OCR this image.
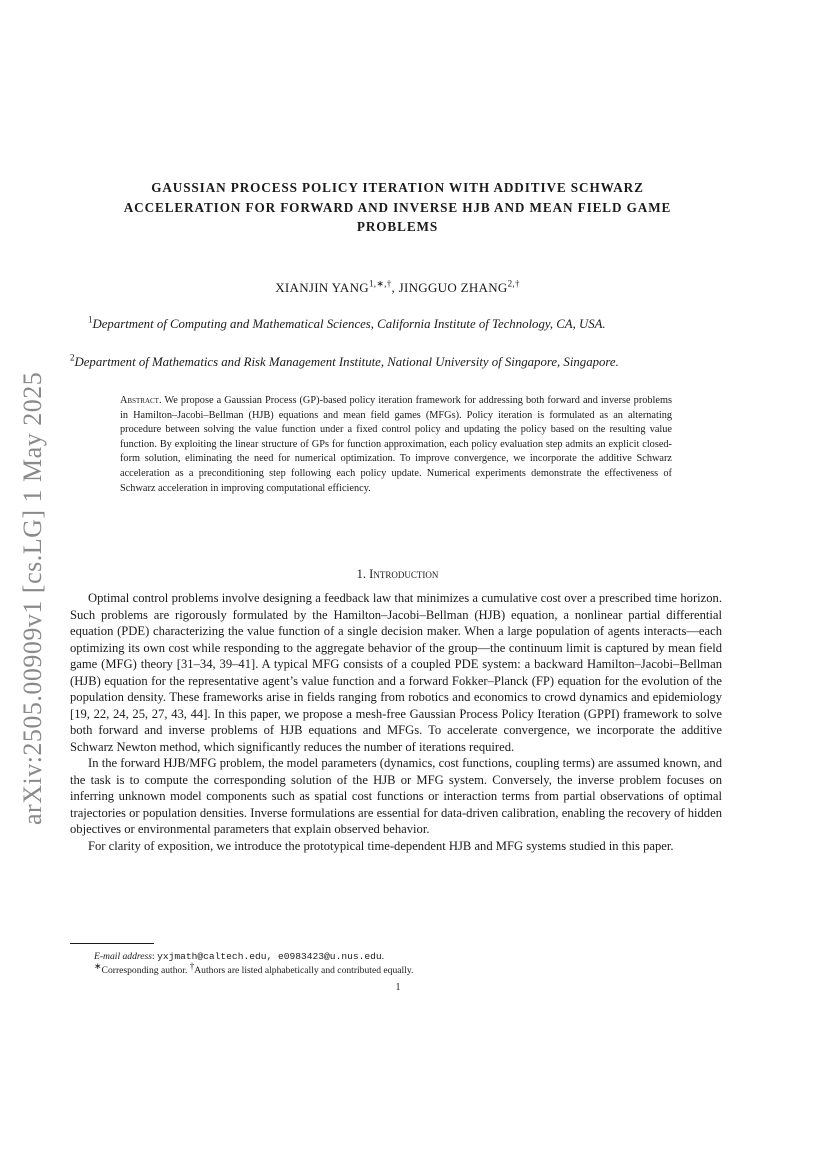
arXiv:2505.00909v1 [cs.LG] 1 May 2025
GAUSSIAN PROCESS POLICY ITERATION WITH ADDITIVE SCHWARZ
ACCELERATION FOR FORWARD AND INVERSE HJB AND MEAN FIELD GAME
PROBLEMS
XIANJIN $YANG^{1,∗,\dagger}$, JINGGUO $ZHANG^{2,\dagger}$
$^1$Department of Computing and Mathematical Sciences, California Institute of Technology, CA, USA.
$^2$Department of Mathematics and Risk Management Institute, National University of Singapore, Singapore.
Abstract. We propose a Gaussian Process (GP)-based policy iteration framework for addressing both forward and inverse problems in Hamilton–Jacobi–Bellman (HJB) equations and mean field games (MFGs). Policy iteration is formulated as an alternating procedure between solving the value function under a fixed control policy and updating the policy based on the resulting value function. By exploiting the linear structure of GPs for function approximation, each policy evaluation step admits an explicit closed-form solution, eliminating the need for numerical optimization. To improve convergence, we incorporate the additive Schwarz acceleration as a preconditioning step following each policy update. Numerical experiments demonstrate the effectiveness of Schwarz acceleration in improving computational efficiency.
1. Introduction

Optimal control problems involve designing a feedback law that minimizes a cumulative cost over a prescribed time horizon. Such problems are rigorously formulated by the Hamilton–Jacobi–Bellman (HJB) equation, a nonlinear partial differential equation (PDE) characterizing the value function of a single decision maker. When a large population of agents interacts—each optimizing its own cost while responding to the aggregate behavior of the group—the continuum limit is captured by mean field game (MFG) theory [31–34, 39–41]. A typical MFG consists of a coupled PDE system: a backward Hamilton–Jacobi–Bellman (HJB) equation for the representative agent’s value function and a forward Fokker–Planck (FP) equation for the evolution of the population density. These frameworks arise in fields ranging from robotics and economics to crowd dynamics and epidemiology [19, 22, 24, 25, 27, 43, 44]. In this paper, we propose a mesh-free Gaussian Process Policy Iteration (GPPI) framework to solve both forward and inverse problems of HJB equations and MFGs. To accelerate convergence, we incorporate the additive Schwarz Newton method, which significantly reduces the number of iterations required.

In the forward HJB/MFG problem, the model parameters (dynamics, cost functions, coupling terms) are assumed known, and the task is to compute the corresponding solution of the HJB or MFG system. Conversely, the inverse problem focuses on inferring unknown model components such as spatial cost functions or interaction terms from partial observations of optimal trajectories or population densities. Inverse formulations are essential for data-driven calibration, enabling the recovery of hidden objectives or environmental parameters that explain observed behavior.

For clarity of exposition, we introduce the prototypical time-dependent HJB and MFG systems studied in this paper.

E-mail address: yxjmath@caltech.edu, e0983423@u.nus.edu.
∗Corresponding author. †Authors are listed alphabetically and contributed equally.
1
